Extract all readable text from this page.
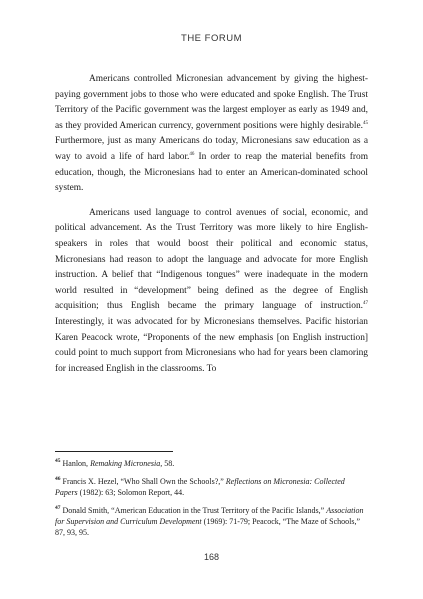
THE FORUM

Americans controlled Micronesian advancement by giving the highest-paying government jobs to those who were educated and spoke English. The Trust Territory of the Pacific government was the largest employer as early as 1949 and, as they provided American currency, government positions were highly desirable.$^{45}$ Furthermore, just as many Americans do today, Micronesians saw education as a way to avoid a life of hard labor.$^{46}$ In order to reap the material benefits from education, though, the Micronesians had to enter an American-dominated school system.

Americans used language to control avenues of social, economic, and political advancement. As the Trust Territory was more likely to hire English-speakers in roles that would boost their political and economic status, Micronesians had reason to adopt the language and advocate for more English instruction. A belief that “Indigenous tongues” were inadequate in the modern world resulted in “development” being defined as the degree of English acquisition; thus English became the primary language of instruction.$^{47}$ Interestingly, it was advocated for by Micronesians themselves. Pacific historian Karen Peacock wrote, “Proponents of the new emphasis [on English instruction] could point to much support from Micronesians who had for years been clamoring for increased English in the classrooms. To

$^{45}$ Hanlon, Remaking Micronesia, 58.
$^{46}$ Francis X. Hezel, “Who Shall Own the Schools?,” Reflections on Micronesia: Collected Papers (1982): 63; Solomon Report, 44.
$^{47}$ Donald Smith, “American Education in the Trust Territory of the Pacific Islands,” Association for Supervision and Curriculum Development (1969): 71-79; Peacock, “The Maze of Schools,” 87, 93, 95.
168
